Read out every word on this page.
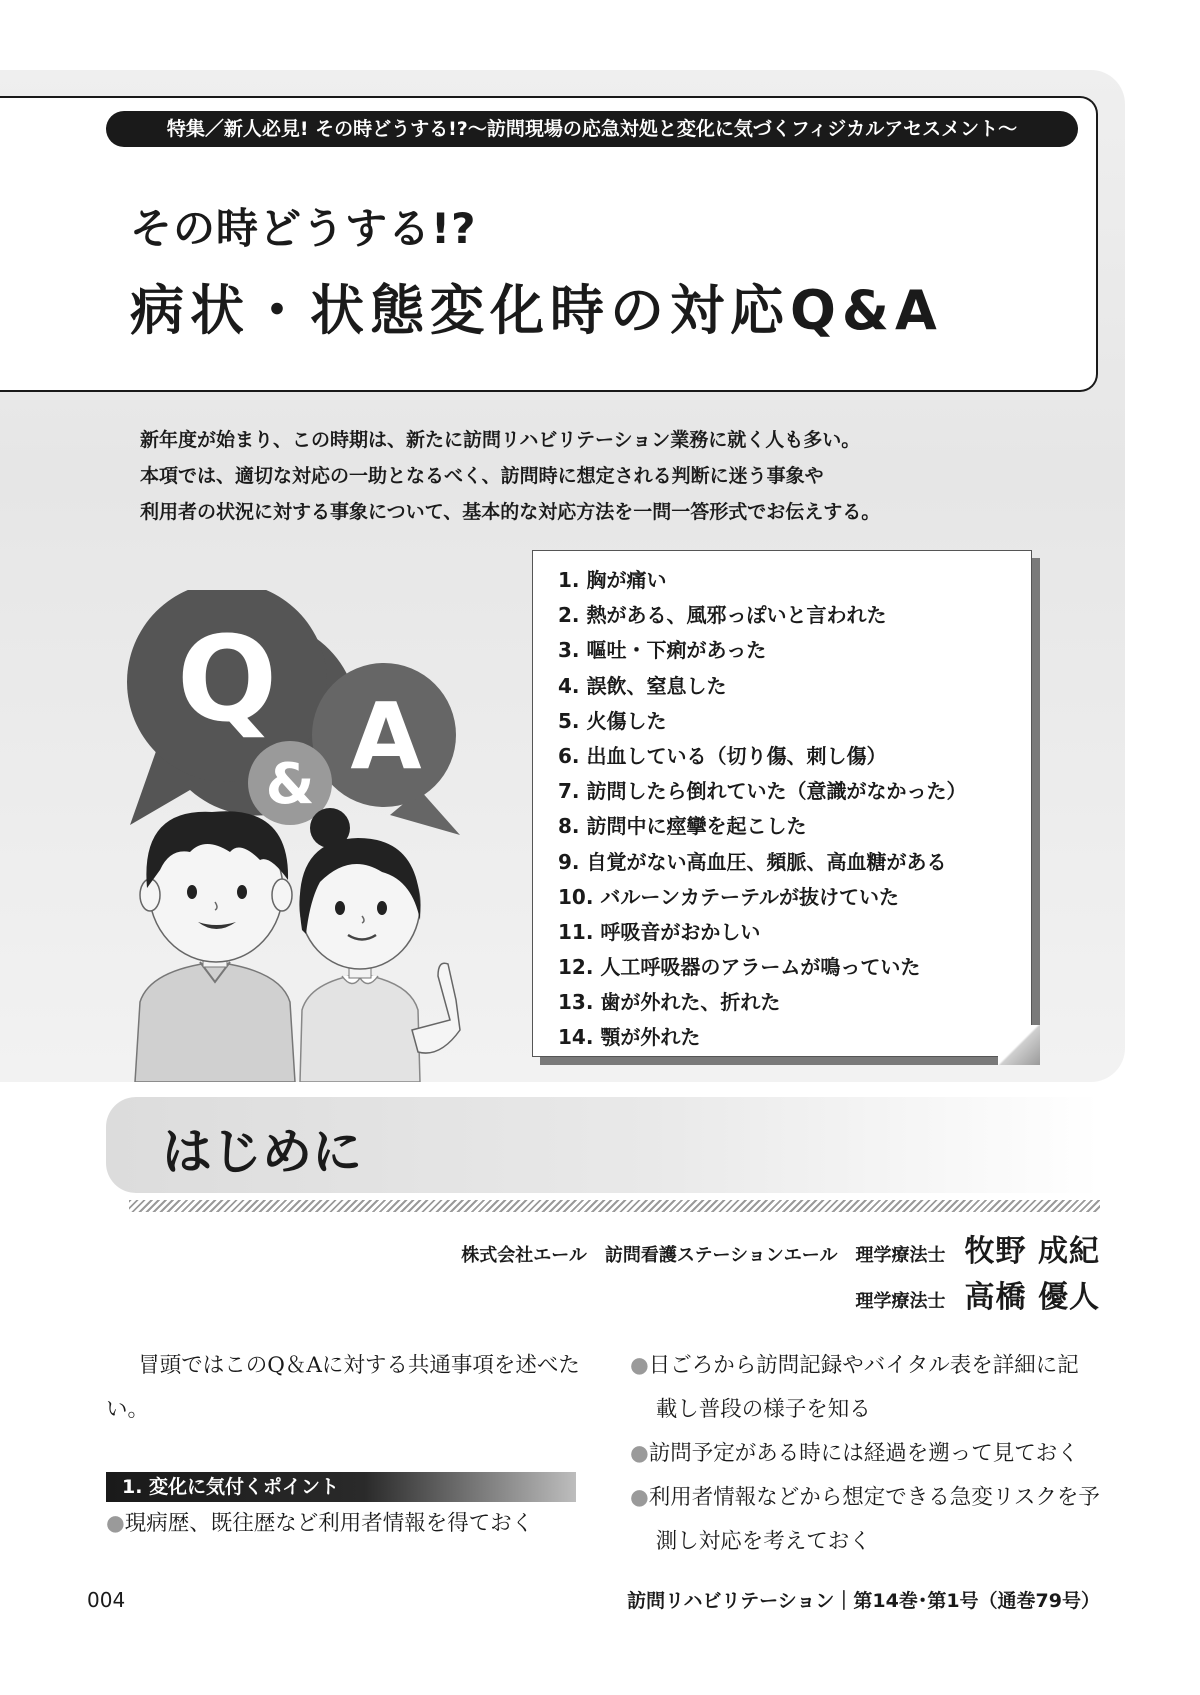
特集／新人必見! その時どうする!?～訪問現場の応急対処と変化に気づくフィジカルアセスメント～
その時どうする!?
病状・状態変化時の対応Q&A
新年度が始まり、この時期は、新たに訪問リハビリテーション業務に就く人も多い。
本項では、適切な対応の一助となるべく、訪問時に想定される判断に迷う事象や
利用者の状況に対する事象について、基本的な対応方法を一問一答形式でお伝えする。
Q A
&
1. 胸が痛い
2. 熱がある、風邪っぽいと言われた
3. 嘔吐・下痢があった
4. 誤飲、窒息した
5. 火傷した
6. 出血している（切り傷、刺し傷）
7. 訪問したら倒れていた（意識がなかった）
8. 訪問中に痙攣を起こした
9. 自覚がない高血圧、頻脈、高血糖がある
10. バルーンカテーテルが抜けていた
11. 呼吸音がおかしい
12. 人工呼吸器のアラームが鳴っていた
13. 歯が外れた、折れた
14. 顎が外れた
はじめに
株式会社エール　訪問看護ステーションエール　理学療法士 牧野 成紀
理学療法士 高橋 優人
冒頭ではこのQ＆Aに対する共通事項を述べたい。
1. 変化に気付くポイント
●現病歴、既往歴など利用者情報を得ておく
●日ごろから訪問記録やバイタル表を詳細に記載し普段の様子を知る
●訪問予定がある時には経過を遡って見ておく
●利用者情報などから想定できる急変リスクを予測し対応を考えておく
004	訪問リハビリテーション｜第14巻･第1号（通巻79号）
